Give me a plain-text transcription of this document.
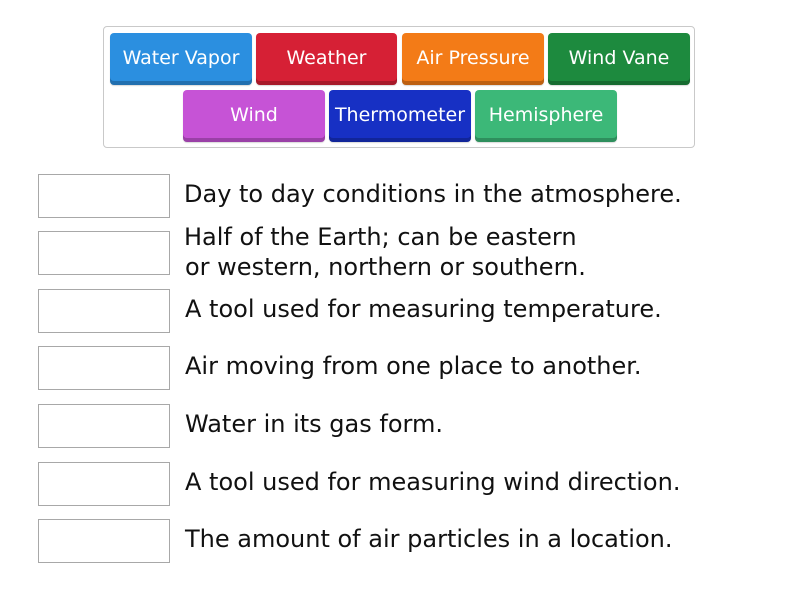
Water Vapor	Weather	Air Pressure	Wind Vane
Wind	Thermometer	Hemisphere
Day to day conditions in the atmosphere.
Half of the Earth; can be eastern
or western, northern or southern.
A tool used for measuring temperature.
Air moving from one place to another.
Water in its gas form.
A tool used for measuring wind direction.
The amount of air particles in a location.
